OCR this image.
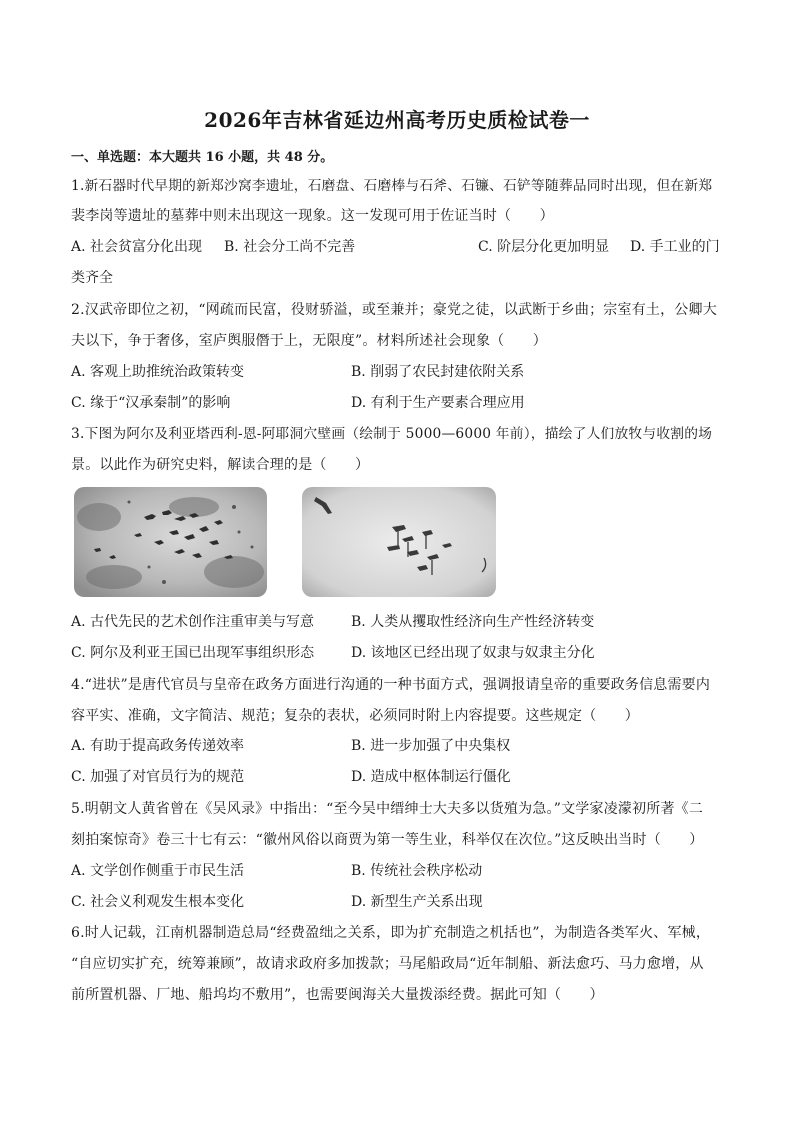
2026年吉林省延边州高考历史质检试卷一
一、单选题：本大题共 16 小题，共 48 分。
1.新石器时代早期的新郑沙窝李遗址，石磨盘、石磨棒与石斧、石镰、石铲等随葬品同时出现，但在新郑
裴李岗等遗址的墓葬中则未出现这一现象。这一发现可用于佐证当时（　　）
A. 社会贫富分化出现 B. 社会分工尚不完善	C. 阶层分化更加明显 D. 手工业的门
类齐全
2.汉武帝即位之初，“网疏而民富，役财骄溢，或至兼并；豪党之徒，以武断于乡曲；宗室有土，公卿大
夫以下，争于奢侈，室庐舆服僭于上，无限度”。材料所述社会现象（　　）
A. 客观上助推统治政策转变	B. 削弱了农民封建依附关系
C. 缘于“汉承秦制”的影响	D. 有利于生产要素合理应用
3.下图为阿尔及利亚塔西利-恩-阿耶洞穴壁画（绘制于 5000—6000 年前），描绘了人们放牧与收割的场
景。以此作为研究史料，解读合理的是（　　）
A. 古代先民的艺术创作注重审美与写意	B. 人类从攫取性经济向生产性经济转变
C. 阿尔及利亚王国已出现军事组织形态	D. 该地区已经出现了奴隶与奴隶主分化
4.“进状”是唐代官员与皇帝在政务方面进行沟通的一种书面方式，强调报请皇帝的重要政务信息需要内
容平实、准确，文字简洁、规范；复杂的表状，必须同时附上内容提要。这些规定（　　）
A. 有助于提高政务传递效率	B. 进一步加强了中央集权
C. 加强了对官员行为的规范	D. 造成中枢体制运行僵化
5.明朝文人黄省曾在《吴风录》中指出：“至今吴中缙绅士大夫多以货殖为急。”文学家凌濛初所著《二
刻拍案惊奇》卷三十七有云：“徽州风俗以商贾为第一等生业，科举仅在次位。”这反映出当时（　　）
A. 文学创作侧重于市民生活	B. 传统社会秩序松动
C. 社会义利观发生根本变化	D. 新型生产关系出现
6.时人记载，江南机器制造总局“经费盈绌之关系，即为扩充制造之机括也”，为制造各类军火、军械，
“自应切实扩充，统筹兼顾”，故请求政府多加拨款；马尾船政局“近年制船、新法愈巧、马力愈增，从
前所置机器、厂地、船坞均不敷用”，也需要闽海关大量拨添经费。据此可知（　　）
